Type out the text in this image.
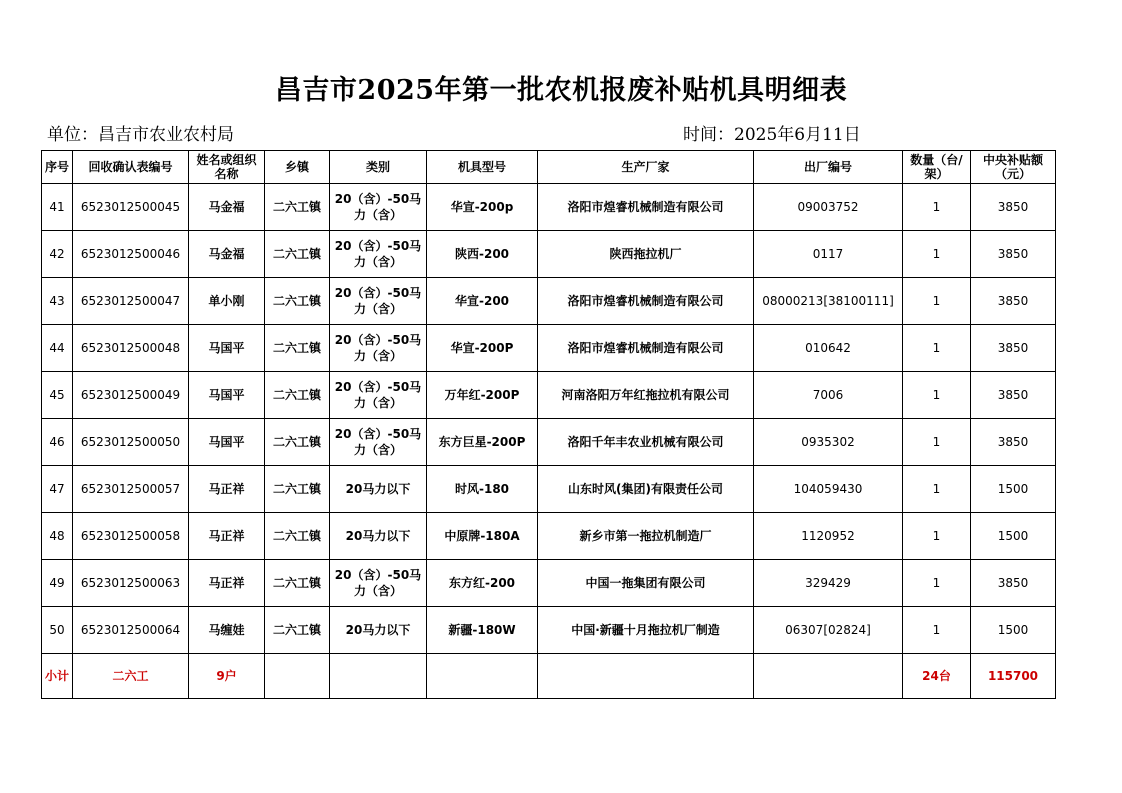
昌吉市2025年第一批农机报废补贴机具明细表
单位：昌吉市农业农村局	时间：2025年6月11日
序号	回收确认表编号	姓名或组织名称	乡镇	类别	机具型号	生产厂家	出厂编号	数量（台/架）	中央补贴额（元）
41	6523012500045	马金福	二六工镇	20（含）-50马力（含）	华宣-200p	洛阳市煌睿机械制造有限公司	09003752	1	3850
42	6523012500046	马金福	二六工镇	20（含）-50马力（含）	陕西-200	陕西拖拉机厂	0117	1	3850
43	6523012500047	单小刚	二六工镇	20（含）-50马力（含）	华宣-200	洛阳市煌睿机械制造有限公司	08000213[38100111]	1	3850
44	6523012500048	马国平	二六工镇	20（含）-50马力（含）	华宣-200P	洛阳市煌睿机械制造有限公司	010642	1	3850
45	6523012500049	马国平	二六工镇	20（含）-50马力（含）	万年红-200P	河南洛阳万年红拖拉机有限公司	7006	1	3850
46	6523012500050	马国平	二六工镇	20（含）-50马力（含）	东方巨星-200P	洛阳千年丰农业机械有限公司	0935302	1	3850
47	6523012500057	马正祥	二六工镇	20马力以下	时风-180	山东时风(集团)有限责任公司	104059430	1	1500
48	6523012500058	马正祥	二六工镇	20马力以下	中原牌-180A	新乡市第一拖拉机制造厂	1120952	1	1500
49	6523012500063	马正祥	二六工镇	20（含）-50马力（含）	东方红-200	中国一拖集团有限公司	329429	1	3850
50	6523012500064	马缠娃	二六工镇	20马力以下	新疆-180W	中国·新疆十月拖拉机厂制造	06307[02824]	1	1500
小计	二六工	9户						24台	115700
